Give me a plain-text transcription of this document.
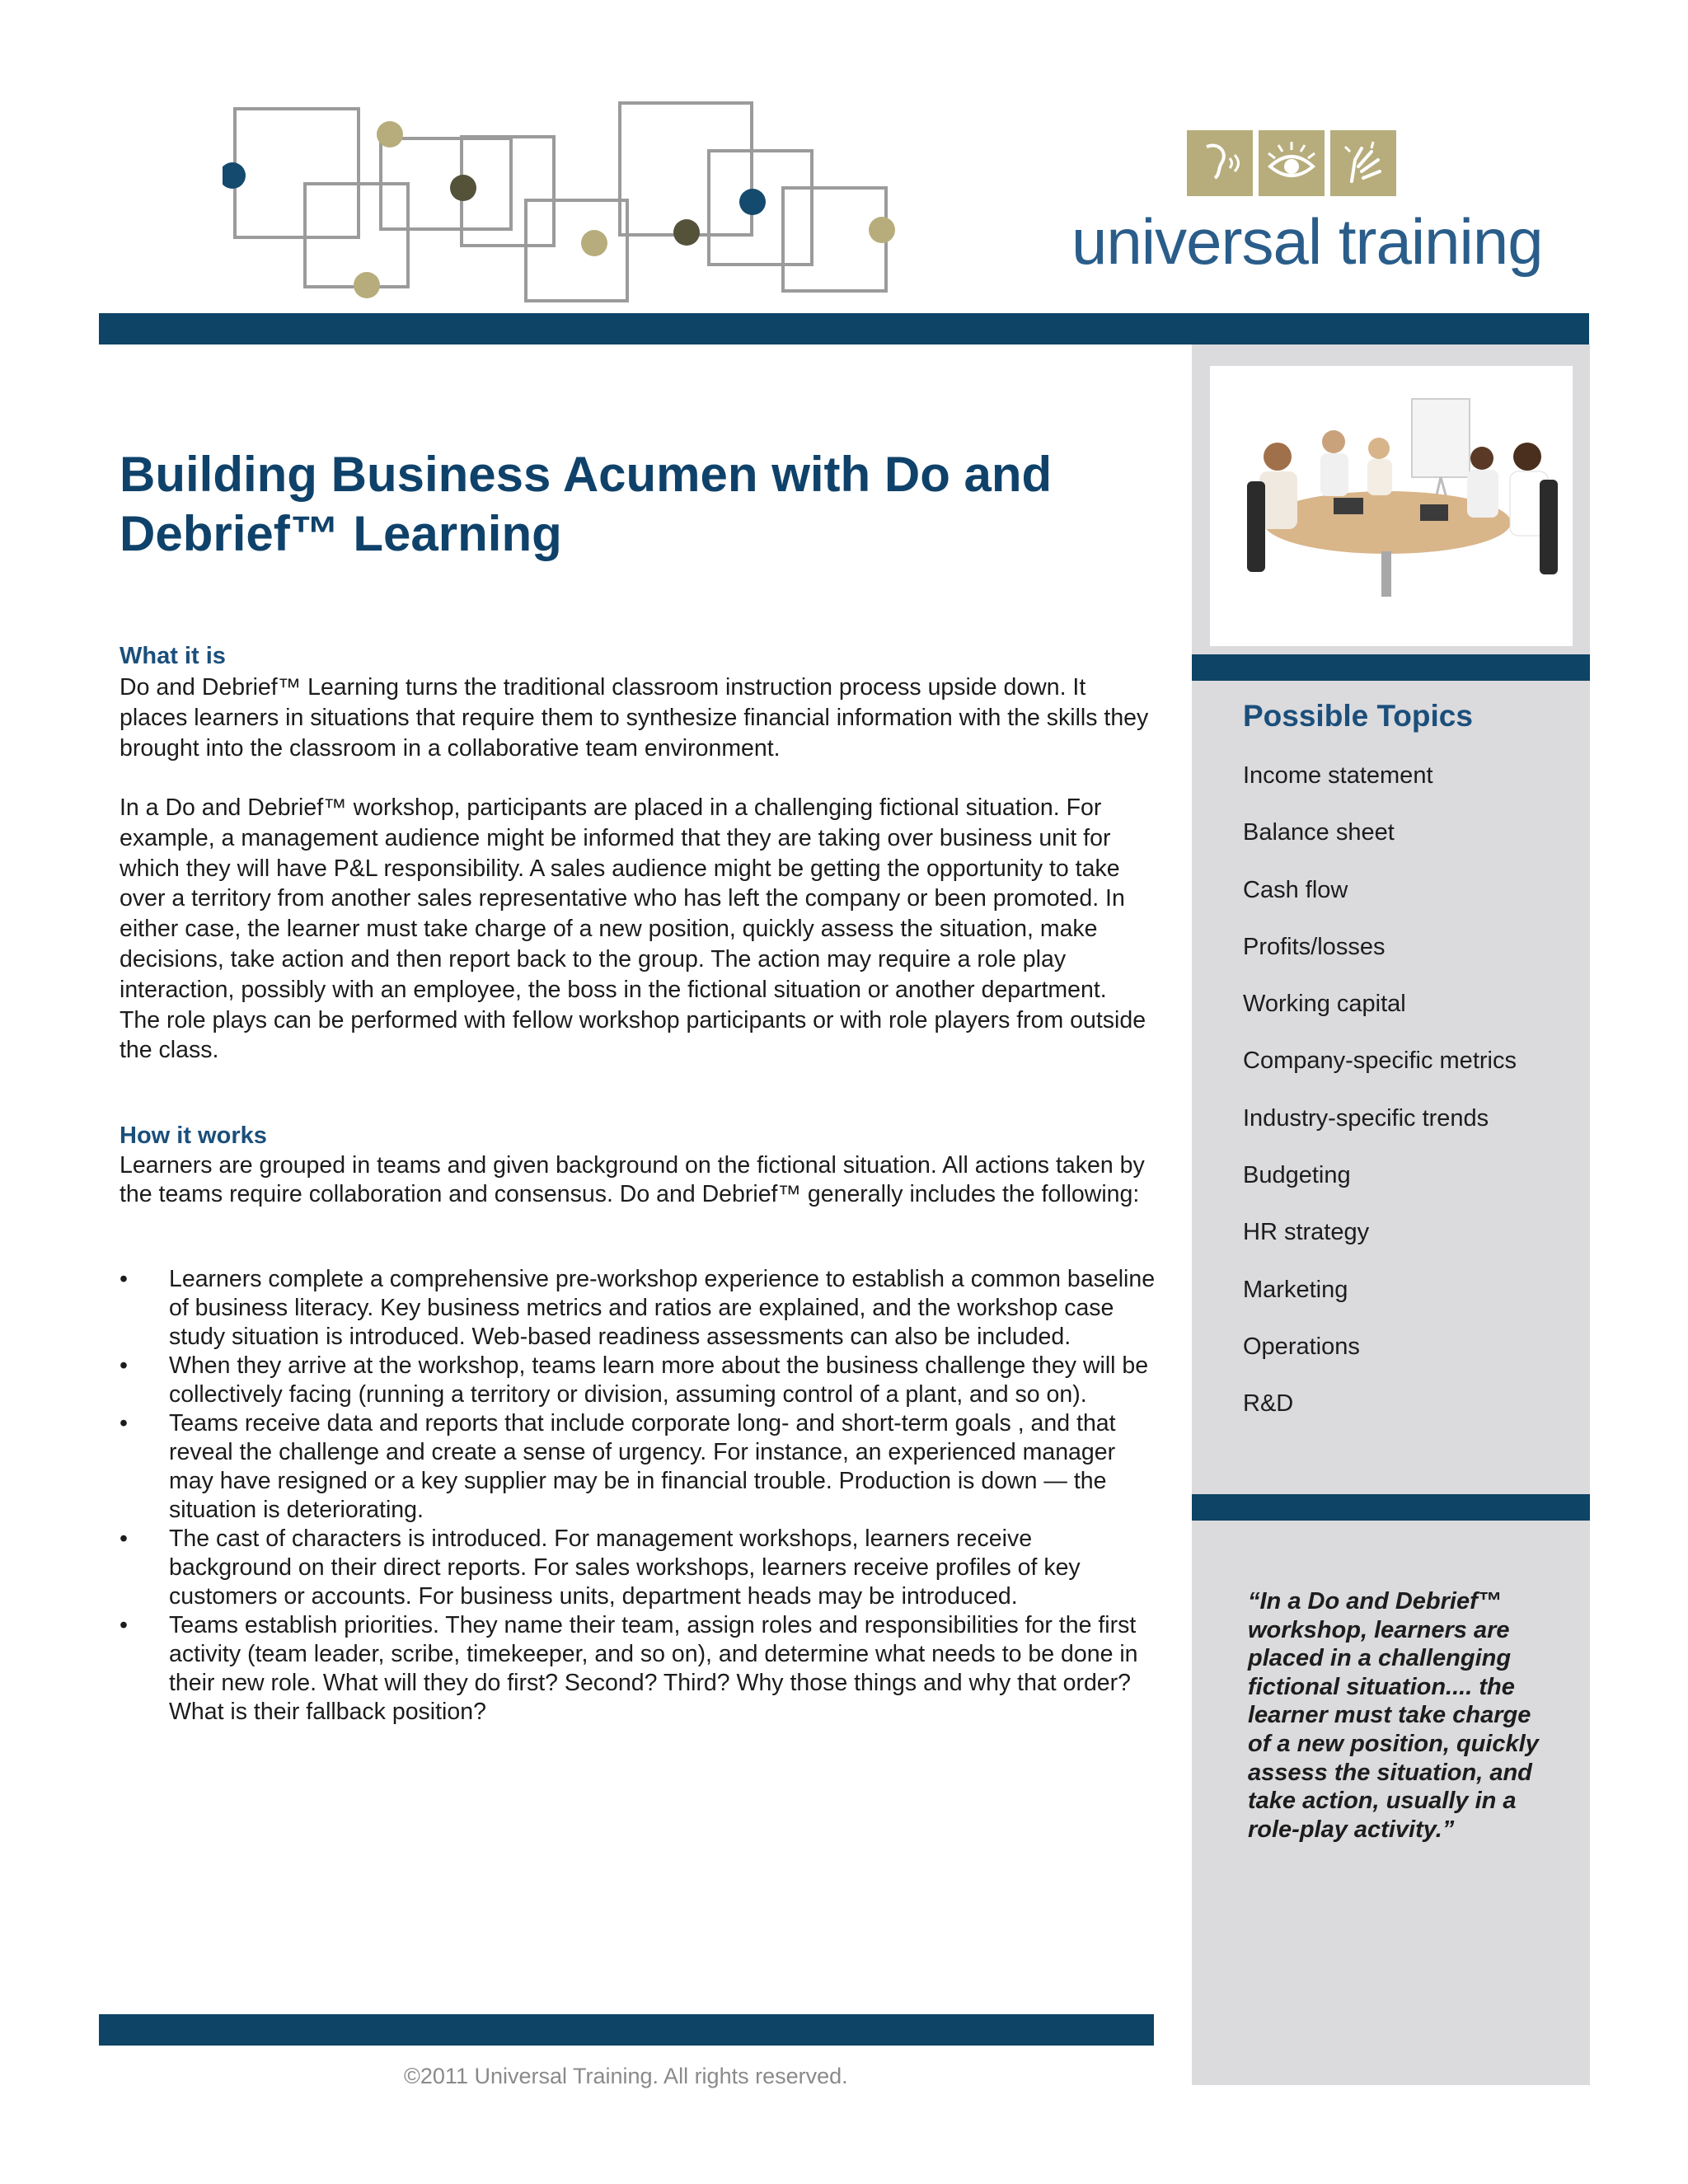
universal training
Building Business Acumen with Do and Debrief™ Learning
What it is

Do and Debrief™ Learning turns the traditional classroom instruction process upside down. It places learners in situations that require them to synthesize financial information with the skills they brought into the classroom in a collaborative team environment.

In a Do and Debrief™ workshop, participants are placed in a challenging fictional situation. For example, a management audience might be informed that they are taking over business unit for which they will have P&L responsibility. A sales audience might be getting the opportunity to take over a territory from another sales representative who has left the company or been promoted. In either case, the learner must take charge of a new position, quickly assess the situation, make decisions, take action and then report back to the group. The action may require a role play interaction, possibly with an employee, the boss in the fictional situation or another department. The role plays can be performed with fellow workshop participants or with role players from outside the class.

How it works

Learners are grouped in teams and given background on the fictional situation. All actions taken by the teams require collaboration and consensus. Do and Debrief™ generally includes the following:

• Learners complete a comprehensive pre-workshop experience to establish a common baseline of business literacy. Key business metrics and ratios are explained, and the workshop case study situation is introduced. Web-based readiness assessments can also be included.
• When they arrive at the workshop, teams learn more about the business challenge they will be collectively facing (running a territory or division, assuming control of a plant, and so on).
• Teams receive data and reports that include corporate long- and short-term goals , and that reveal the challenge and create a sense of urgency. For instance, an experienced manager may have resigned or a key supplier may be in financial trouble. Production is down — the situation is deteriorating.
• The cast of characters is introduced. For management workshops, learners receive background on their direct reports. For sales workshops, learners receive profiles of key customers or accounts. For business units, department heads may be introduced.
• Teams establish priorities. They name their team, assign roles and responsibilities for the first activity (team leader, scribe, timekeeper, and so on), and determine what needs to be done in their new role. What will they do first? Second? Third? Why those things and why that order? What is their fallback position?
Possible Topics
Income statement
Balance sheet
Cash flow
Profits/losses
Working capital
Company-specific metrics
Industry-specific trends
Budgeting
HR strategy
Marketing
Operations
R&D
“In a Do and Debrief™ workshop, learners are placed in a challenging fictional situation.... the learner must take charge of a new position, quickly assess the situation, and take action, usually in a role-play activity.”
©2011 Universal Training. All rights reserved.
